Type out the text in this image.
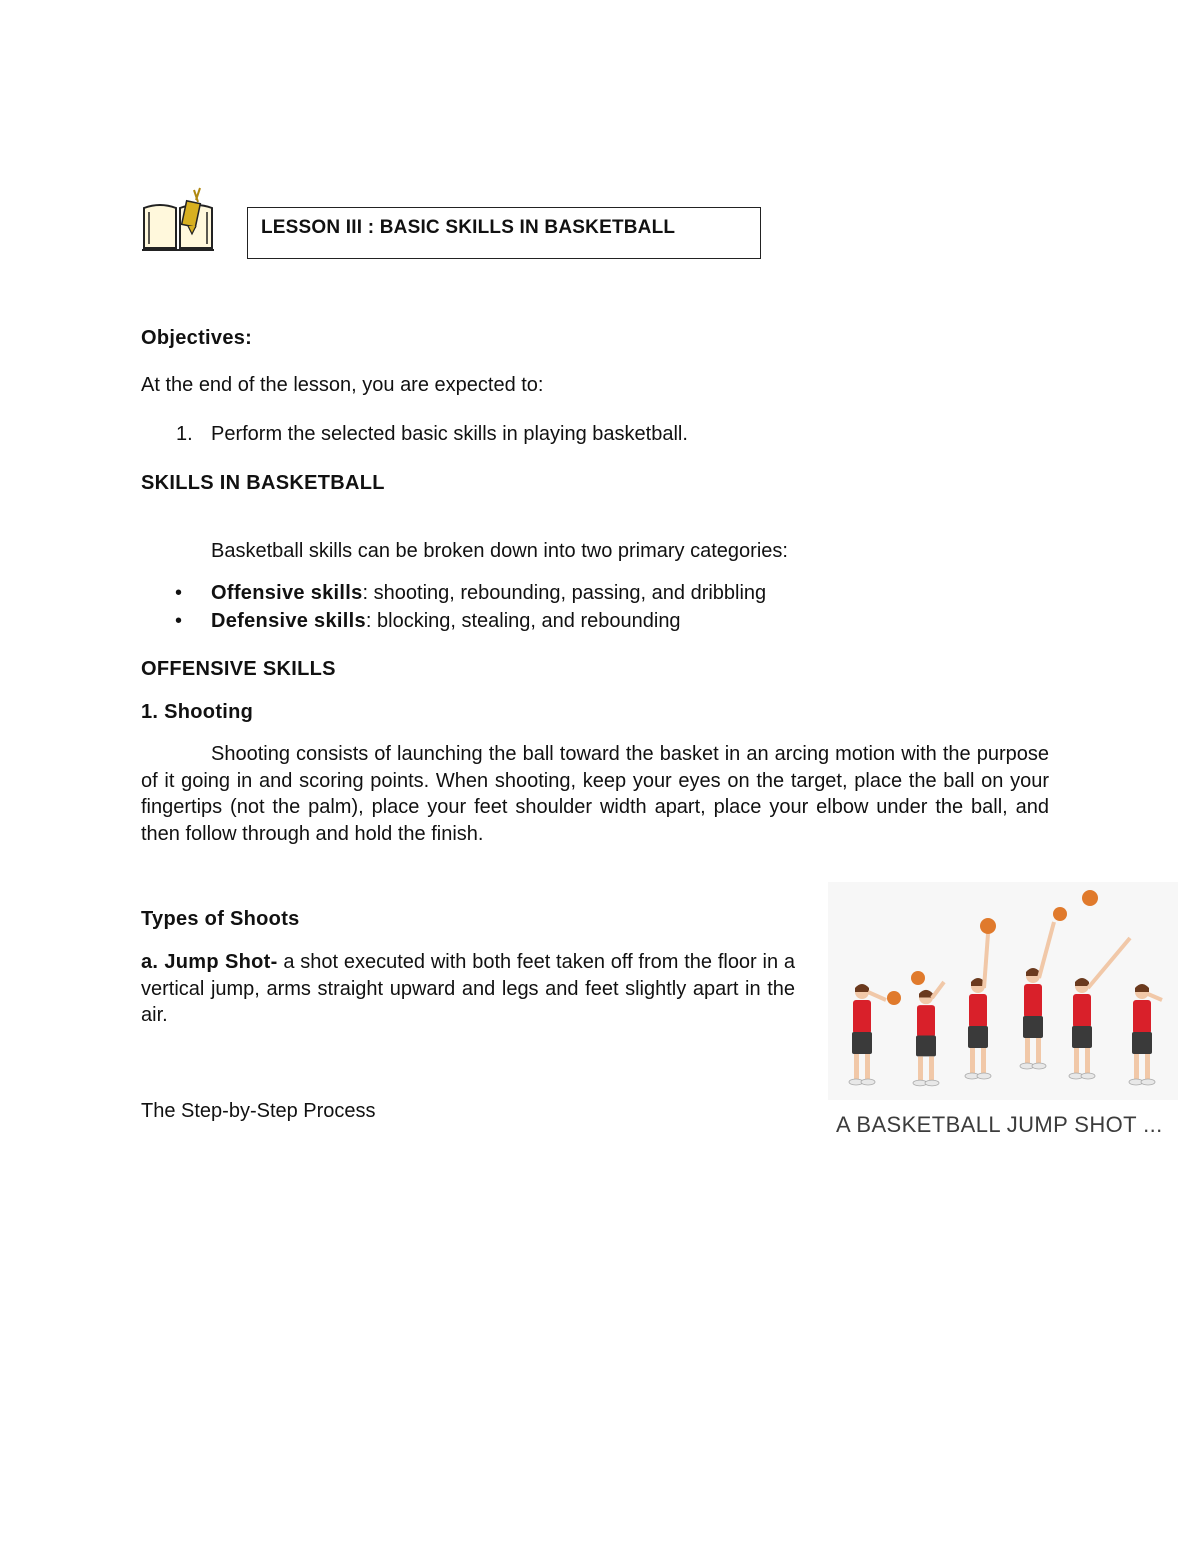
LESSON III : BASIC SKILLS IN BASKETBALL
Objectives:
At the end of the lesson, you are expected to:
1. Perform the selected basic skills in playing basketball.
SKILLS IN BASKETBALL
Basketball skills can be broken down into two primary categories:
• Offensive skills: shooting, rebounding, passing, and dribbling
• Defensive skills: blocking, stealing, and rebounding
OFFENSIVE SKILLS
1. Shooting
Shooting consists of launching the ball toward the basket in an arcing motion with the purpose of it going in and scoring points. When shooting, keep your eyes on the target, place the ball on your fingertips (not the palm), place your feet shoulder width apart, place your elbow under the ball, and then follow through and hold the finish.
Types of Shoots
a. Jump Shot- a shot executed with both feet taken off from the floor in a vertical jump, arms straight upward and legs and feet slightly apart in the air.
The Step-by-Step Process
A BASKETBALL JUMP SHOT ...
